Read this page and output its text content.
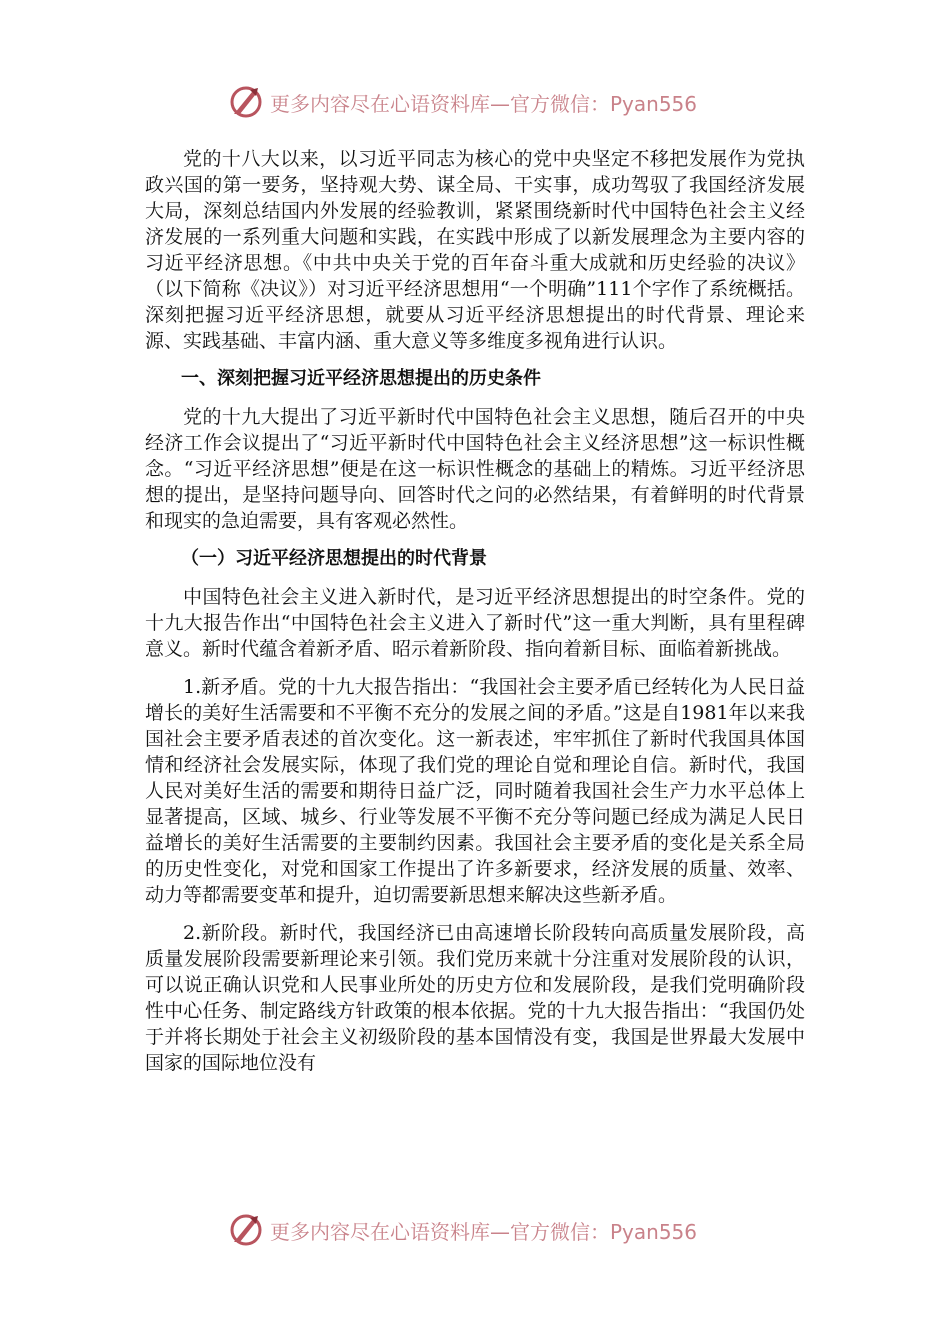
更多内容尽在心语资料库—官方微信：Pyan556

党的十八大以来，以习近平同志为核心的党中央坚定不移把发展作为党执政兴国的第一要务，坚持观大势、谋全局、干实事，成功驾驭了我国经济发展大局，深刻总结国内外发展的经验教训，紧紧围绕新时代中国特色社会主义经济发展的一系列重大问题和实践，在实践中形成了以新发展理念为主要内容的习近平经济思想。《中共中央关于党的百年奋斗重大成就和历史经验的决议》（以下简称《决议》）对习近平经济思想用“一个明确”111个字作了系统概括。深刻把握习近平经济思想，就要从习近平经济思想提出的时代背景、理论来源、实践基础、丰富内涵、重大意义等多维度多视角进行认识。

一、深刻把握习近平经济思想提出的历史条件

党的十九大提出了习近平新时代中国特色社会主义思想，随后召开的中央经济工作会议提出了“习近平新时代中国特色社会主义经济思想”这一标识性概念。“习近平经济思想”便是在这一标识性概念的基础上的精炼。习近平经济思想的提出，是坚持问题导向、回答时代之问的必然结果，有着鲜明的时代背景和现实的急迫需要，具有客观必然性。

（一）习近平经济思想提出的时代背景

中国特色社会主义进入新时代，是习近平经济思想提出的时空条件。党的十九大报告作出“中国特色社会主义进入了新时代”这一重大判断，具有里程碑意义。新时代蕴含着新矛盾、昭示着新阶段、指向着新目标、面临着新挑战。

1.新矛盾。党的十九大报告指出：“我国社会主要矛盾已经转化为人民日益增长的美好生活需要和不平衡不充分的发展之间的矛盾。”这是自1981年以来我国社会主要矛盾表述的首次变化。这一新表述，牢牢抓住了新时代我国具体国情和经济社会发展实际，体现了我们党的理论自觉和理论自信。新时代，我国人民对美好生活的需要和期待日益广泛，同时随着我国社会生产力水平总体上显著提高，区域、城乡、行业等发展不平衡不充分等问题已经成为满足人民日益增长的美好生活需要的主要制约因素。我国社会主要矛盾的变化是关系全局的历史性变化，对党和国家工作提出了许多新要求，经济发展的质量、效率、动力等都需要变革和提升，迫切需要新思想来解决这些新矛盾。

2.新阶段。新时代，我国经济已由高速增长阶段转向高质量发展阶段，高质量发展阶段需要新理论来引领。我们党历来就十分注重对发展阶段的认识，可以说正确认识党和人民事业所处的历史方位和发展阶段，是我们党明确阶段性中心任务、制定路线方针政策的根本依据。党的十九大报告指出：“我国仍处于并将长期处于社会主义初级阶段的基本国情没有变，我国是世界最大发展中国家的国际地位没有

更多内容尽在心语资料库—官方微信：Pyan556
